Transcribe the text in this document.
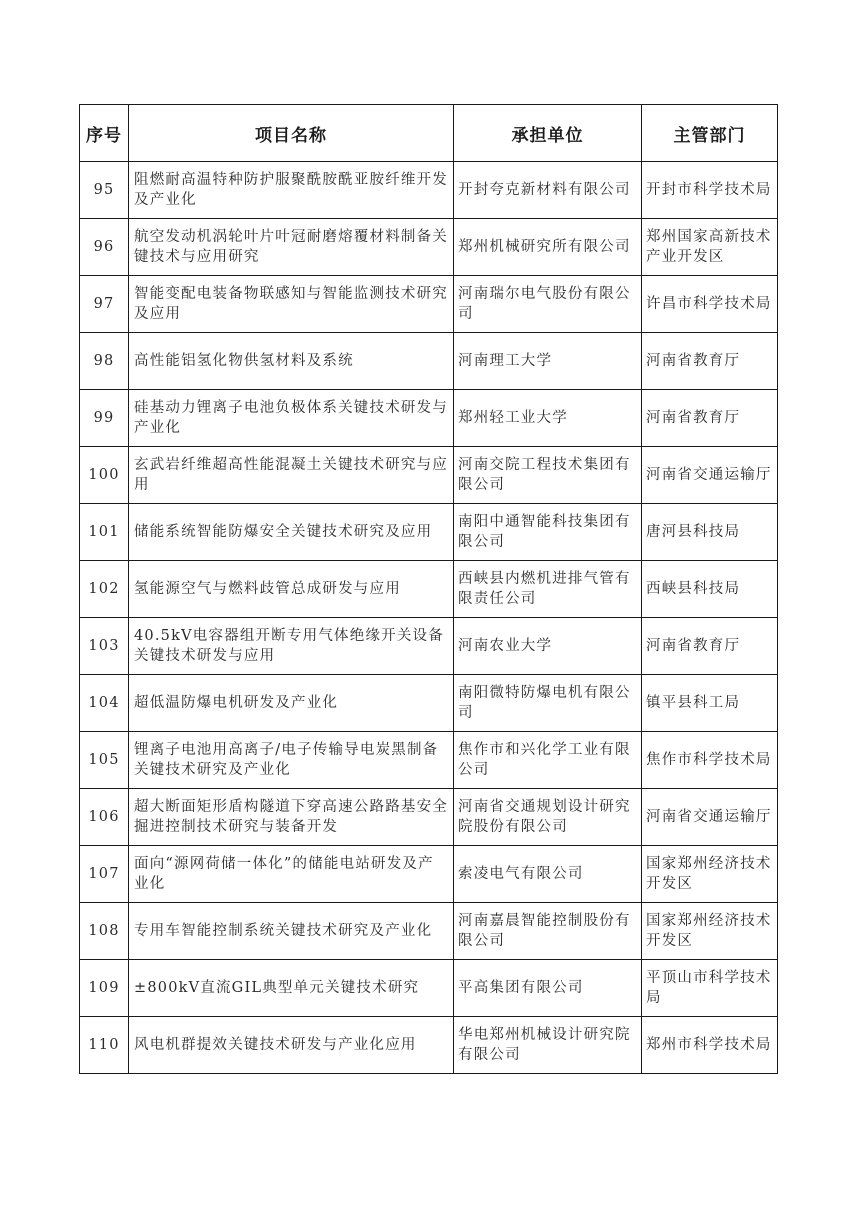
序号	项目名称	承担单位	主管部门
95	阻燃耐高温特种防护服聚酰胺酰亚胺纤维开发及产业化	开封夸克新材料有限公司	开封市科学技术局
96	航空发动机涡轮叶片叶冠耐磨熔覆材料制备关键技术与应用研究	郑州机械研究所有限公司	郑州国家高新技术产业开发区
97	智能变配电装备物联感知与智能监测技术研究及应用	河南瑞尔电气股份有限公司	许昌市科学技术局
98	高性能铝氢化物供氢材料及系统	河南理工大学	河南省教育厅
99	硅基动力锂离子电池负极体系关键技术研发与产业化	郑州轻工业大学	河南省教育厅
100	玄武岩纤维超高性能混凝土关键技术研究与应用	河南交院工程技术集团有限公司	河南省交通运输厅
101	储能系统智能防爆安全关键技术研究及应用	南阳中通智能科技集团有限公司	唐河县科技局
102	氢能源空气与燃料歧管总成研发与应用	西峡县内燃机进排气管有限责任公司	西峡县科技局
103	40.5kV电容器组开断专用气体绝缘开关设备关键技术研发与应用	河南农业大学	河南省教育厅
104	超低温防爆电机研发及产业化	南阳微特防爆电机有限公司	镇平县科工局
105	锂离子电池用高离子/电子传输导电炭黑制备关键技术研究及产业化	焦作市和兴化学工业有限公司	焦作市科学技术局
106	超大断面矩形盾构隧道下穿高速公路路基安全掘进控制技术研究与装备开发	河南省交通规划设计研究院股份有限公司	河南省交通运输厅
107	面向“源网荷储一体化”的储能电站研发及产业化	索凌电气有限公司	国家郑州经济技术开发区
108	专用车智能控制系统关键技术研究及产业化	河南嘉晨智能控制股份有限公司	国家郑州经济技术开发区
109	±800kV直流GIL典型单元关键技术研究	平高集团有限公司	平顶山市科学技术局
110	风电机群提效关键技术研发与产业化应用	华电郑州机械设计研究院有限公司	郑州市科学技术局
